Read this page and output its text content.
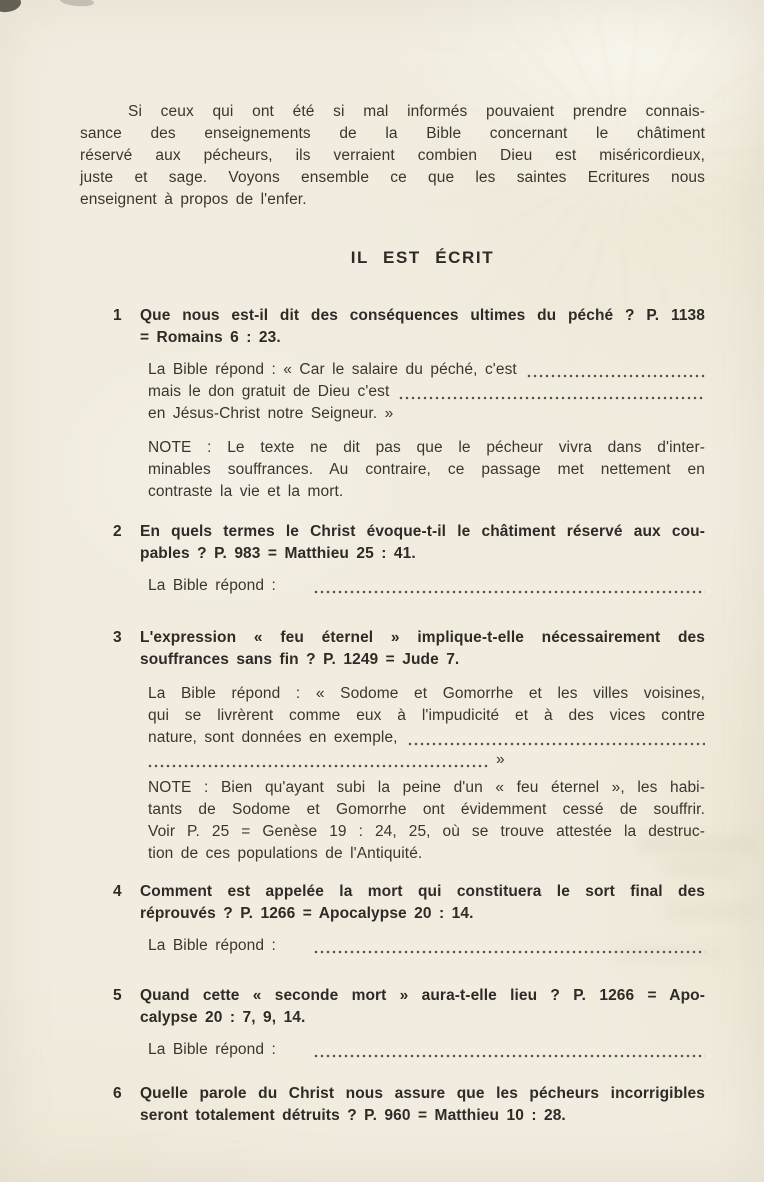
Si ceux qui ont été si mal informés pouvaient prendre connais-
sance des enseignements de la Bible concernant le châtiment
réservé aux pécheurs, ils verraient combien Dieu est miséricordieux,
juste et sage. Voyons ensemble ce que les saintes Ecritures nous
enseignent à propos de l'enfer.
IL EST ÉCRIT
1	Que nous est-il dit des conséquences ultimes du péché ? P. 1138
= Romains 6 : 23.
La Bible répond : « Car le salaire du péché, c'est
mais le don gratuit de Dieu c'est
en Jésus-Christ notre Seigneur. »
NOTE : Le texte ne dit pas que le pécheur vivra dans d'inter-
minables souffrances. Au contraire, ce passage met nettement en
contraste la vie et la mort.
2	En quels termes le Christ évoque-t-il le châtiment réservé aux cou-
pables ? P. 983 = Matthieu 25 : 41.
La Bible répond :
3	L'expression « feu éternel » implique-t-elle nécessairement des
souffrances sans fin ? P. 1249 = Jude 7.
La Bible répond : « Sodome et Gomorrhe et les villes voisines,
qui se livrèrent comme eux à l'impudicité et à des vices contre
nature, sont données en exemple,
»
NOTE : Bien qu'ayant subi la peine d'un « feu éternel », les habi-
tants de Sodome et Gomorrhe ont évidemment cessé de souffrir.
Voir P. 25 = Genèse 19 : 24, 25, où se trouve attestée la destruc-
tion de ces populations de l'Antiquité.
4	Comment est appelée la mort qui constituera le sort final des
réprouvés ? P. 1266 = Apocalypse 20 : 14.
La Bible répond :
5	Quand cette « seconde mort » aura-t-elle lieu ? P. 1266 = Apo-
calypse 20 : 7, 9, 14.
La Bible répond :
6	Quelle parole du Christ nous assure que les pécheurs incorrigibles
seront totalement détruits ? P. 960 = Matthieu 10 : 28.
